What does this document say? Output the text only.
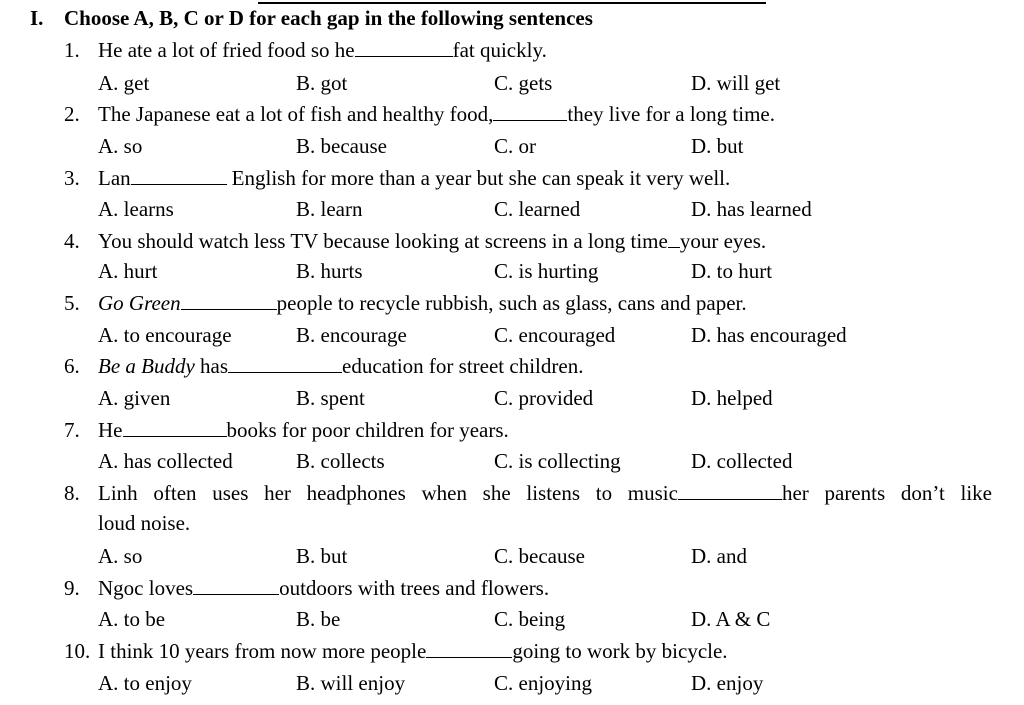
I. Choose A, B, C or D for each gap in the following sentences
1. He ate a lot of fried food so he	fat quickly.
A. get	B. got	C. gets	D. will get
2. The Japanese eat a lot of fish and healthy food,	they live for a long time.
A. so	B. because	C. or	D. but
3. Lan	English for more than a year but she can speak it very well.
A. learns	B. learn	C. learned	D. has learned
4. You should watch less TV because looking at screens in a long time your eyes.
A. hurt	B. hurts	C. is hurting	D. to hurt
5. Go Green	people to recycle rubbish, such as glass, cans and paper.
A. to encourage	B. encourage	C. encouraged	D. has encouraged
6. Be a Buddy has	education for street children.
A. given	B. spent	C. provided	D. helped
7. He	books for poor children for years.
A. has collected	B. collects	C. is collecting	D. collected
8. Linh often uses her headphones when she listens to music	her parents don’t like
loud noise.
A. so	B. but	C. because	D. and
9. Ngoc loves	outdoors with trees and flowers.
A. to be	B. be	C. being	D. A & C
10. I think 10 years from now more people	going to work by bicycle.
A. to enjoy	B. will enjoy	C. enjoying	D. enjoy
